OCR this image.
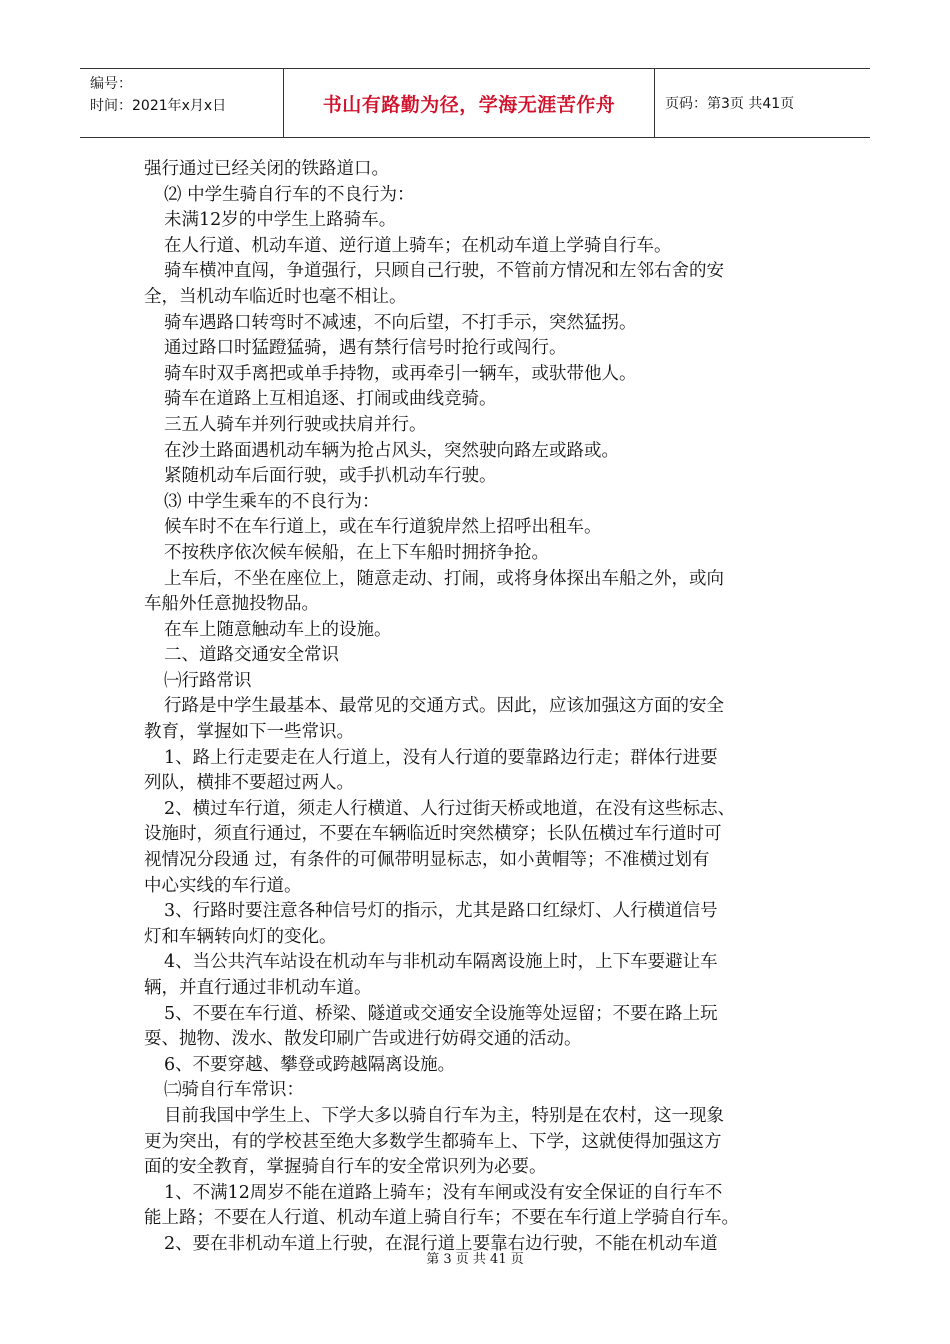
编号：
时间：2021年x月x日	书山有路勤为径，学海无涯苦作舟	页码：第3页 共41页
强行通过已经关闭的铁路道口。
⑵ 中学生骑自行车的不良行为：
未满12岁的中学生上路骑车。
在人行道、机动车道、逆行道上骑车；在机动车道上学骑自行车。
骑车横冲直闯，争道强行，只顾自己行驶，不管前方情况和左邻右舍的安
全，当机动车临近时也毫不相让。
骑车遇路口转弯时不减速，不向后望，不打手示，突然猛拐。
通过路口时猛蹬猛骑，遇有禁行信号时抢行或闯行。
骑车时双手离把或单手持物，或再牵引一辆车，或驮带他人。
骑车在道路上互相追逐、打闹或曲线竞骑。
三五人骑车并列行驶或扶肩并行。
在沙土路面遇机动车辆为抢占风头，突然驶向路左或路或。
紧随机动车后面行驶，或手扒机动车行驶。
⑶ 中学生乘车的不良行为：
候车时不在车行道上，或在车行道貌岸然上招呼出租车。
不按秩序依次候车候船，在上下车船时拥挤争抢。
上车后，不坐在座位上，随意走动、打闹，或将身体探出车船之外，或向
车船外任意抛投物品。
在车上随意触动车上的设施。
二、道路交通安全常识
㈠行路常识
行路是中学生最基本、最常见的交通方式。因此，应该加强这方面的安全
教育，掌握如下一些常识。
1、路上行走要走在人行道上，没有人行道的要靠路边行走；群体行进要
列队，横排不要超过两人。
2、横过车行道，须走人行横道、人行过街天桥或地道，在没有这些标志、
设施时，须直行通过，不要在车辆临近时突然横穿；长队伍横过车行道时可
视情况分段通 过，有条件的可佩带明显标志，如小黄帽等；不准横过划有
中心实线的车行道。
3、行路时要注意各种信号灯的指示，尤其是路口红绿灯、人行横道信号
灯和车辆转向灯的变化。
4、当公共汽车站设在机动车与非机动车隔离设施上时，上下车要避让车
辆，并直行通过非机动车道。
5、不要在车行道、桥梁、隧道或交通安全设施等处逗留；不要在路上玩
耍、抛物、泼水、散发印刷广告或进行妨碍交通的活动。
6、不要穿越、攀登或跨越隔离设施。
㈡骑自行车常识：
目前我国中学生上、下学大多以骑自行车为主，特别是在农村，这一现象
更为突出，有的学校甚至绝大多数学生都骑车上、下学，这就使得加强这方
面的安全教育，掌握骑自行车的安全常识列为必要。
1、不满12周岁不能在道路上骑车；没有车闸或没有安全保证的自行车不
能上路；不要在人行道、机动车道上骑自行车；不要在车行道上学骑自行车。
2、要在非机动车道上行驶，在混行道上要靠右边行驶，不能在机动车道
第 3 页 共 41 页
